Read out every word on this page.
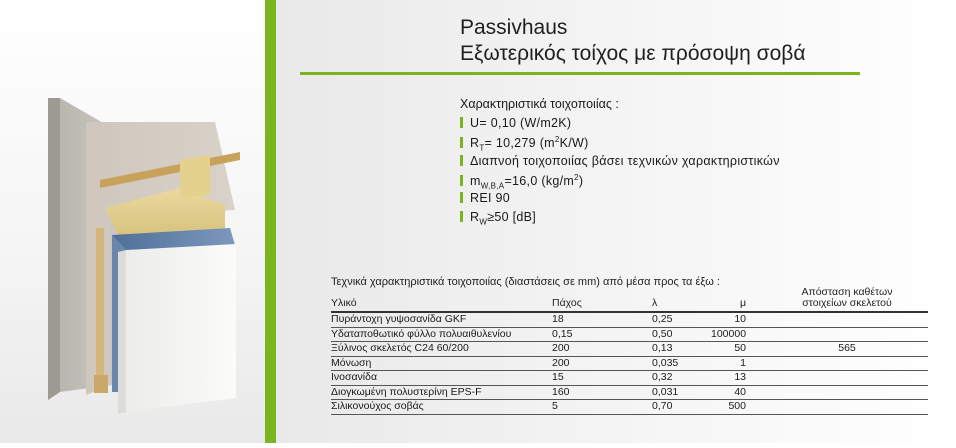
Passivhaus
Εξωτερικός τοίχος με πρόσοψη σοβά
Χαρακτηριστικά τοιχοποιίας :
U= 0,10 (W/m2K)
$R_T= 10,279$ $(m^2K/W)$
Διαπνοή τοιχοποιίας βάσει τεχνικών χαρακτηριστικών
$m_{W,B,A}=16,0$ $(kg/m^2)$
REI 90
$R_W\ge 50$ [dB]
Τεχνικά χαρακτηριστικά τοιχοποιίας (διαστάσεις σε mm) από μέσα προς τα έξω :
Υλικό	Πάχος	λ	μ
Απόσταση καθέτων
στοιχείων σκελετού
Πυράντοχη γυψοσανίδα GKF	18	0,25	10
Υδαταποθωτικό φύλλο πολυαιθυλενίου	0,15	0,50	100000
Ξύλινος σκελετός C24 60/200	200	0,13	50	565
Μόνωση	200	0,035	1
Ινοσανίδα	15	0,32	13
Διογκωμένη πολυστερίνη EPS-F	160	0,031	40
Σιλικονούχος σοβάς	5	0,70	500
